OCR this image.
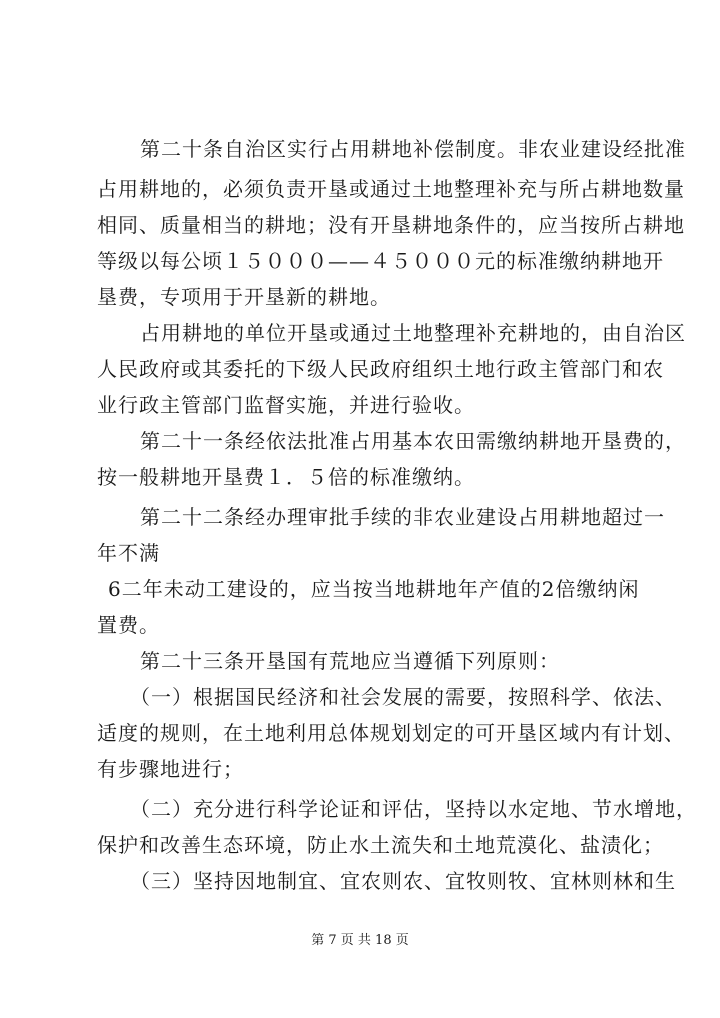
第二十条自治区实行占用耕地补偿制度。非农业建设经批准
占用耕地的，必须负责开垦或通过土地整理补充与所占耕地数量
相同、质量相当的耕地；没有开垦耕地条件的，应当按所占耕地
等级以每公顷１５０００——４５０００元的标准缴纳耕地开
垦费，专项用于开垦新的耕地。
占用耕地的单位开垦或通过土地整理补充耕地的，由自治区
人民政府或其委托的下级人民政府组织土地行政主管部门和农
业行政主管部门监督实施，并进行验收。
第二十一条经依法批准占用基本农田需缴纳耕地开垦费的，
按一般耕地开垦费１．５倍的标准缴纳。
第二十二条经办理审批手续的非农业建设占用耕地超过一
年不满
6二年未动工建设的，应当按当地耕地年产值的2倍缴纳闲
置费。
第二十三条开垦国有荒地应当遵循下列原则：
（一）根据国民经济和社会发展的需要，按照科学、依法、
适度的规则，在土地利用总体规划划定的可开垦区域内有计划、
有步骤地进行；
（二）充分进行科学论证和评估，坚持以水定地、节水增地，
保护和改善生态环境，防止水土流失和土地荒漠化、盐渍化；
（三）坚持因地制宜、宜农则农、宜牧则牧、宜林则林和生
第 7 页 共 18 页
